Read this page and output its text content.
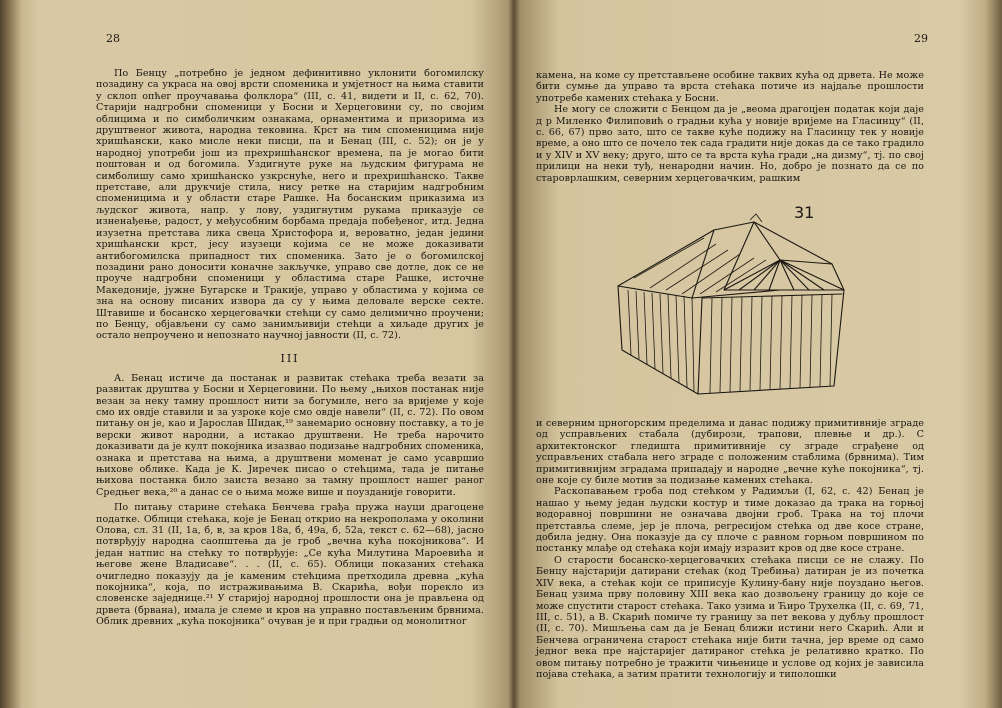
28

По Бенцу „потребно је једном дефинитивно уклонити богомилску позадину са украса на овој врсти споменика и умјетност на њима ставити у склоп опћег проучавања фолклора“ (ІІІ, с. 41, видети и ІІ, с. 62, 70). Старији надгробни споменици у Босни и Херцеговини су, по својим облицима и по симболичким ознакама, орнаментима и призорима из друштвеног живота, народна тековина. Крст на тим споменицима није хришћански, како мисле неки писци, па и Бенац (ІІІ, с. 52); он је у народној употреби још из прехришћанског времена, па је могао бити поштован и од богомила. Уздигнуте руке на људским фигурама не симболишу само хришћанско узкрснуће, него и прехришћанско. Такве претставе, али друкчије стила, нису ретке на старијим надгробним споменицима и у области старе Рашке. На босанским приказима из људског живота, напр. у лову, уздигнутим рукама приказује се изненађење, радост, у међусобним борбама предаја побеђеног, итд. Једна изузетна претстава лика свеца Христофора и, вероватно, један једини хришћански крст, јесу изузеци којима се не може доказивати антибогомилска припадност тих споменика. Зато је о богомилској позадини рано доносити коначне закључке, управо све дотле, док се не проуче надгробни споменици у областима старе Рашке, источне Македоније, јужне Бугарске и Тракије, управо у областима у којима се зна на основу писаних извора да су у њима деловале верске секте. Штавише и босанско херцеговачки стећци су само делимично проучени; по Бенцу, објављени су само занимљивији стећци а хиљаде других је остало непроучено и непознато научној јавности (ІІ, с. 72).

ІІІ

А. Бенац истиче да постанак и развитак стећака треба везати за развитак друштва у Босни и Херцеговини. По њему „њихов постанак није везан за неку тамну прошлост нити за богумиле, него за вријеме у које смо их овдје ставили и за узроке које смо овдје навели“ (ІІ, с. 72). По овом питању он је, као и Јарослав Шидак,¹⁹ занемарио основну поставку, а то је верски живот народни, а истакао друштвени. Не треба нарочито доказивати да је култ покојника изазвао подизање надгробних споменика, ознака и претстава на њима, а друштвени моменат је само усавршио њихове облике. Када је К. Јиречек писао о стећцима, тада је питање њихова постанка било заиста везано за тамну прошлост нашег раног Средњег века,²⁰ а данас се о њима може више и поузданије говорити.

По питању старине стећака Бенчева грађа пружа науци драгоцене податке. Облици стећака, које је Бенац открио на некрополама у околини Олова, сл. 31 (ІІ, 1а, б, в, за кров 18а, б, 49а, б, 52а, текст с. 62—68), јасно потврђују народна саопштења да је гроб „вечна кућа покојникова“. И један натпис на стећку то потврђује: „Се кућа Милутина Мароевића и његове жене Владисаве“. . . (ІІ, с. 65). Облици показаних стећака очигледно показују да је каменим стећцима претходила древна „кућа покојника“, која, по истраживањима В. Скарића, вођи порекло из словенске заједнице.²¹ У старијој народној прошлости она је прављена од дрвета (брвана), имала је слеме и кров на управно постављеним брвнима. Облик древних „кућа покојника“ очуван је и при градњи од монолитног

29

камена, на коме су претстављене особине таквих кућа од дрвета. Не може бити сумње да управо та врста стећака потиче из најдаље прошлости употребе камених стећака у Босни.

Не могу се сложити с Бенцом да је „веома драгоцјен податак који даје д р Миленко Филиповић о градњи кућа у новије вријеме на Гласинцу“ (ІІ, с. 66, 67) прво зато, што се такве куће подижу на Гласинцу тек у новије време, а оно што се почело тек сада градити није докаѕ да се тако градило и у ХІV и ХV веку; друго, што се та врста кућа гради „на дизму“, тј. по свој прилици на неки туђ, ненародни начин. Но, добро је познато да се по староврлашким, северним херцеговачким, рашким

31

и северним црногорским пределима и данас подижу примитивније зграде од усправљених стабала (дубирози, трапови, плевње и др.). С архитектонског гледишта примитивније су зграде сграђене од усправљених стабала него зграде с положеним стаблима (брвнима). Тим примитивнијим зградама припадају и народне „вечне куће покојника“, тј. оне које су биле мотив за подизање камених стећака.

Раскопавањем гроба под стећком у Радимљи (І, 62, с. 42) Бенац је нашао у њему један људски костур и тиме доказао да трака на горњој водоравној површини не означава двојни гроб. Трака на тој плочи претставља слеме, јер је плоча, регресијом стећка од две косе стране, добила једну. Она показује да су плоче с равном горњом површином по постанку млађе од стећака који имају изразит кров од две косе стране.

О старости босанско-херцеговачких стећака писци се не слажу. По Бенцу најстарији датирани стећак (код Требиња) датиран је из почетка ХІV века, а стећак који се приписује Кулину-бану није поуздано његов. Бенац узима прву половину ХІІІ века као дозвољену границу до које се може спустити старост стећака. Тако узима и Ћиро Трухелка (ІІ, с. 69, 71, ІІІ, с. 51), а В. Скарић помиче ту границу за пет векова у дубљу прошлост (ІІ, с. 70). Мишљења сам да је Бенац ближи истини него Скарић. Али и Бенчева ограничена старост стећака није бити тачна, јер време од само једног века пре најстаријег датираног стећка је релативно кратко. По овом питању потребно је тражити чињенице и услове од којих је зависила појава стећака, а затим пратити технологију и типолошки
